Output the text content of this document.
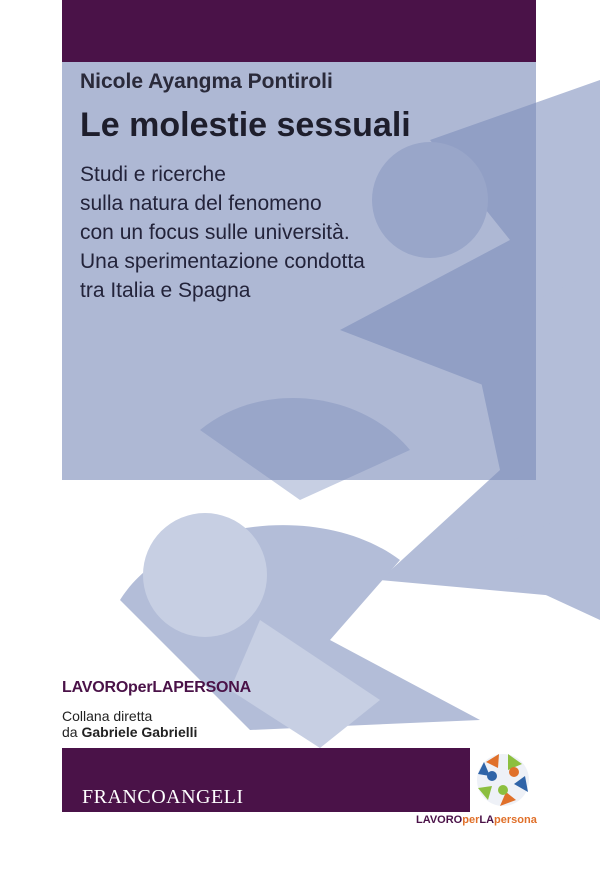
Nicole Ayangma Pontiroli
Le molestie sessuali
Studi e ricerche
sulla natura del fenomeno
con un focus sulle università.
Una sperimentazione condotta
tra Italia e Spagna
LAVOROperLAPERSONA
Collana diretta
da Gabriele Gabrielli
FRANCOANGELI
LAVOROperLApersona
